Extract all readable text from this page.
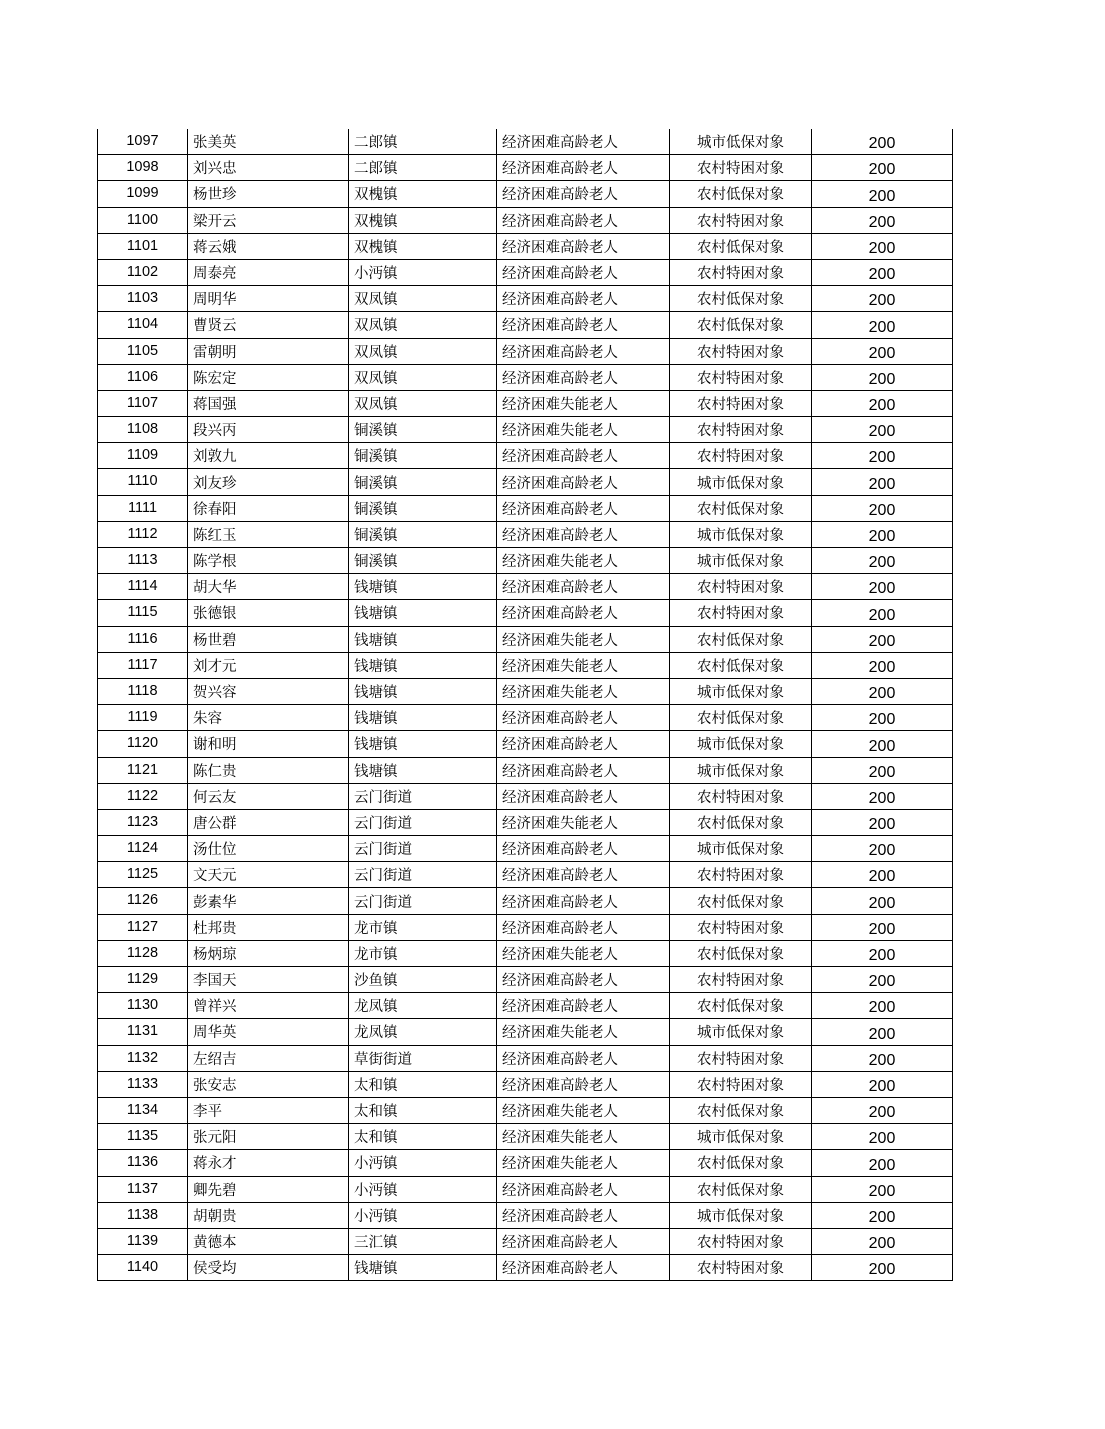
1097	张美英	二郎镇	经济困难高龄老人	城市低保对象	200
1098	刘兴忠	二郎镇	经济困难高龄老人	农村特困对象	200
1099	杨世珍	双槐镇	经济困难高龄老人	农村低保对象	200
1100	梁开云	双槐镇	经济困难高龄老人	农村特困对象	200
1101	蒋云娥	双槐镇	经济困难高龄老人	农村低保对象	200
1102	周泰亮	小沔镇	经济困难高龄老人	农村特困对象	200
1103	周明华	双凤镇	经济困难高龄老人	农村低保对象	200
1104	曹贤云	双凤镇	经济困难高龄老人	农村低保对象	200
1105	雷朝明	双凤镇	经济困难高龄老人	农村特困对象	200
1106	陈宏定	双凤镇	经济困难高龄老人	农村特困对象	200
1107	蒋国强	双凤镇	经济困难失能老人	农村特困对象	200
1108	段兴丙	铜溪镇	经济困难失能老人	农村特困对象	200
1109	刘敦九	铜溪镇	经济困难高龄老人	农村特困对象	200
1110	刘友珍	铜溪镇	经济困难高龄老人	城市低保对象	200
1111	徐春阳	铜溪镇	经济困难高龄老人	农村低保对象	200
1112	陈红玉	铜溪镇	经济困难高龄老人	城市低保对象	200
1113	陈学根	铜溪镇	经济困难失能老人	城市低保对象	200
1114	胡大华	钱塘镇	经济困难高龄老人	农村特困对象	200
1115	张德银	钱塘镇	经济困难高龄老人	农村特困对象	200
1116	杨世碧	钱塘镇	经济困难失能老人	农村低保对象	200
1117	刘才元	钱塘镇	经济困难失能老人	农村低保对象	200
1118	贺兴容	钱塘镇	经济困难失能老人	城市低保对象	200
1119	朱容	钱塘镇	经济困难高龄老人	农村低保对象	200
1120	谢和明	钱塘镇	经济困难高龄老人	城市低保对象	200
1121	陈仁贵	钱塘镇	经济困难高龄老人	城市低保对象	200
1122	何云友	云门街道	经济困难高龄老人	农村特困对象	200
1123	唐公群	云门街道	经济困难失能老人	农村低保对象	200
1124	汤仕位	云门街道	经济困难高龄老人	城市低保对象	200
1125	文天元	云门街道	经济困难高龄老人	农村特困对象	200
1126	彭素华	云门街道	经济困难高龄老人	农村低保对象	200
1127	杜邦贵	龙市镇	经济困难高龄老人	农村特困对象	200
1128	杨炳琼	龙市镇	经济困难失能老人	农村低保对象	200
1129	李国天	沙鱼镇	经济困难高龄老人	农村特困对象	200
1130	曾祥兴	龙凤镇	经济困难高龄老人	农村低保对象	200
1131	周华英	龙凤镇	经济困难失能老人	城市低保对象	200
1132	左绍吉	草街街道	经济困难高龄老人	农村特困对象	200
1133	张安志	太和镇	经济困难高龄老人	农村特困对象	200
1134	李平	太和镇	经济困难失能老人	农村低保对象	200
1135	张元阳	太和镇	经济困难失能老人	城市低保对象	200
1136	蒋永才	小沔镇	经济困难失能老人	农村低保对象	200
1137	卿先碧	小沔镇	经济困难高龄老人	农村低保对象	200
1138	胡朝贵	小沔镇	经济困难高龄老人	城市低保对象	200
1139	黄德本	三汇镇	经济困难高龄老人	农村特困对象	200
1140	侯受均	钱塘镇	经济困难高龄老人	农村特困对象	200
